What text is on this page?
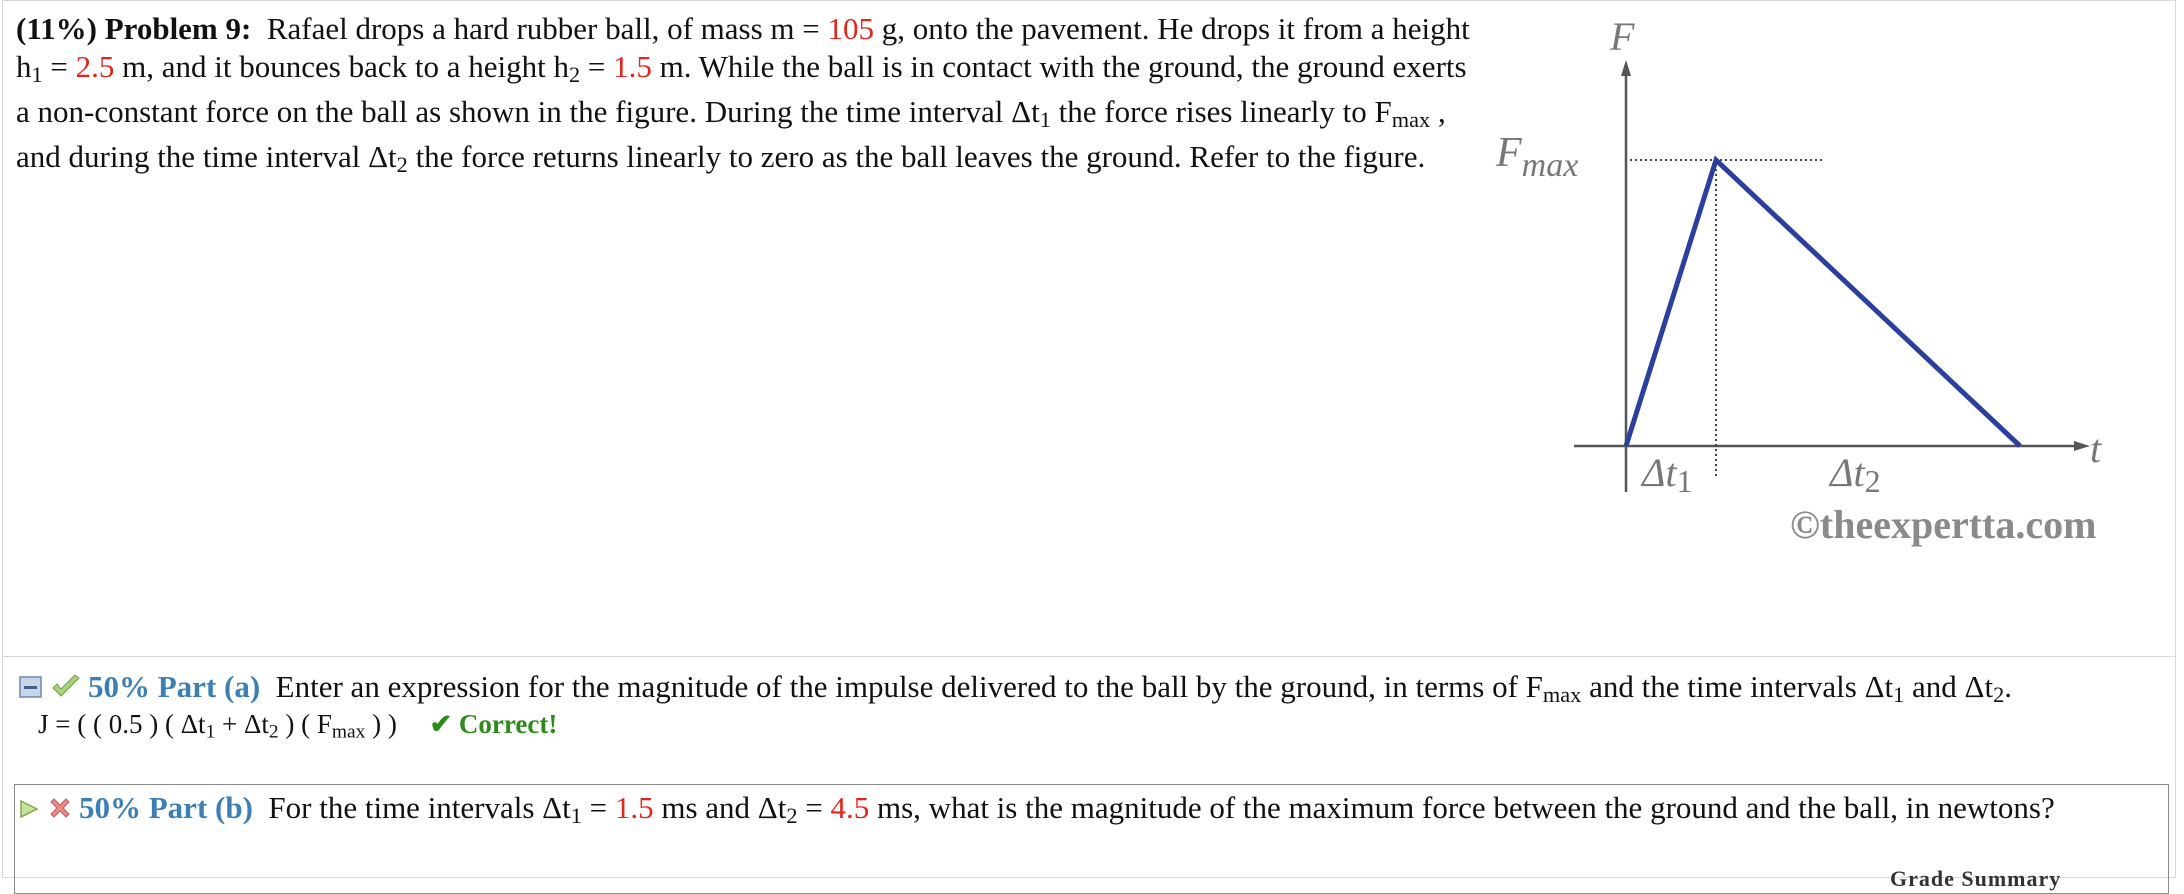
(11%) Problem 9: Rafael drops a hard rubber ball, of mass m = 105 g, onto the pavement. He drops it from a height $h_1 = 2.5$ m, and it bounces back to a height $h_2 = 1.5$ m. While the ball is in contact with the ground, the ground exerts a non-constant force on the ball as shown in the figure. During the time interval $\Delta t_1$ the force rises linearly to $F_{max}$ , and during the time interval $\Delta t_2$ the force returns linearly to zero as the ball leaves the ground. Refer to the figure.
F
$F_{max}$
t
Δt1	Δt2
©theexpertta.com
50% Part (a) Enter an expression for the magnitude of the impulse delivered to the ball by the ground, in terms of $F_{max}$ and the time intervals $\Delta t_1$ and $\Delta t_2$.
J = ( ( 0.5 ) ( $\Delta t_1 + \Delta t_2$ ) ( $F_{max}$ ) ) ✔ Correct!
50% Part (b) For the time intervals $\Delta t_1 = 1.5$ ms and $\Delta t_2 = 4.5$ ms, what is the magnitude of the maximum force between the ground and the ball, in newtons?
Grade Summary
